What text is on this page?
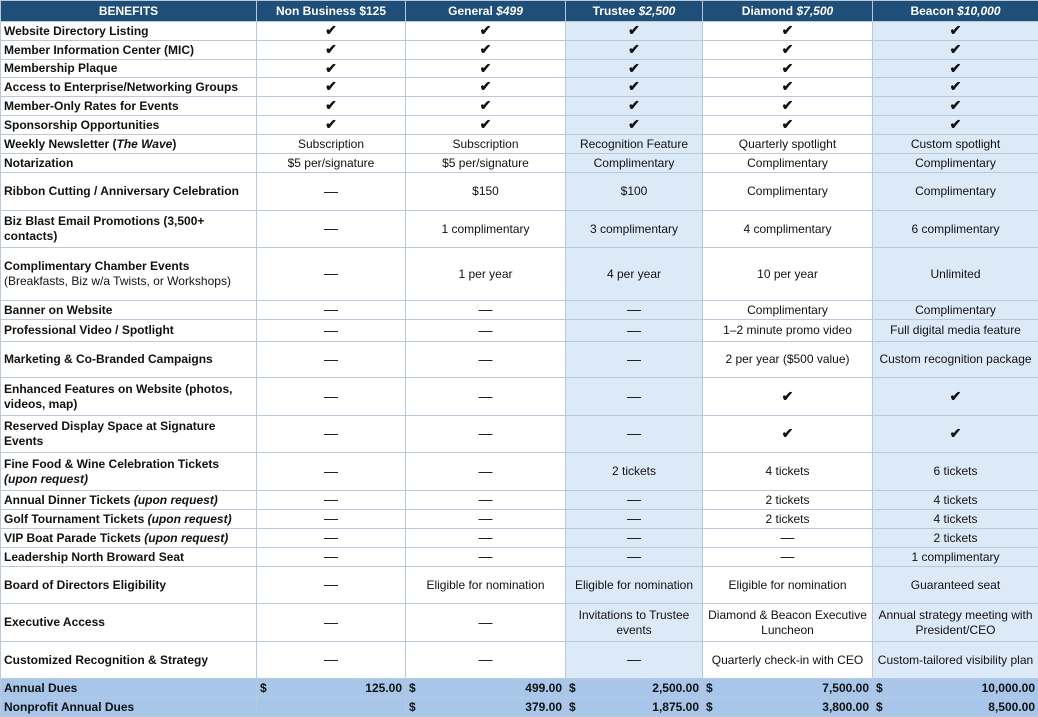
BENEFITS	Non Business $125	General $499	Trustee $2,500	Diamond $7,500	Beacon $10,000
Website Directory Listing	✔	✔	✔	✔	✔
Member Information Center (MIC)	✔	✔	✔	✔	✔
Membership Plaque	✔	✔	✔	✔	✔
Access to Enterprise/Networking Groups	✔	✔	✔	✔	✔
Member-Only Rates for Events	✔	✔	✔	✔	✔
Sponsorship Opportunities	✔	✔	✔	✔	✔
Weekly Newsletter (The Wave)	Subscription	Subscription	Recognition Feature	Quarterly spotlight	Custom spotlight
Notarization	$5 per/signature	$5 per/signature	Complimentary	Complimentary	Complimentary
Ribbon Cutting / Anniversary Celebration	—	$150	$100	Complimentary	Complimentary
Biz Blast Email Promotions (3,500+ contacts)	—	1 complimentary	3 complimentary	4 complimentary	6 complimentary
Complimentary Chamber Events
(Breakfasts, Biz w/a Twists, or Workshops)	—	1 per year	4 per year	10 per year	Unlimited
Banner on Website	—	—	—	Complimentary	Complimentary
Professional Video / Spotlight	—	—	—	1–2 minute promo video	Full digital media feature
Marketing & Co-Branded Campaigns	—	—	—	2 per year ($500 value)	Custom recognition package
Enhanced Features on Website (photos, videos, map)	—	—	—	✔	✔
Reserved Display Space at Signature Events	—	—	—	✔	✔
Fine Food & Wine Celebration Tickets
(upon request)	—	—	2 tickets	4 tickets	6 tickets
Annual Dinner Tickets (upon request)	—	—	—	2 tickets	4 tickets
Golf Tournament Tickets (upon request)	—	—	—	2 tickets	4 tickets
VIP Boat Parade Tickets (upon request)	—	—	—	—	2 tickets
Leadership North Broward Seat	—	—	—	—	1 complimentary
Board of Directors Eligibility	—	Eligible for nomination	Eligible for nomination	Eligible for nomination	Guaranteed seat
Executive Access	—	—	Invitations to Trustee events	Diamond & Beacon Executive Luncheon	Annual strategy meeting with President/CEO
Customized Recognition & Strategy	—	—	—	Quarterly check-in with CEO	Custom-tailored visibility plan
Annual Dues	$ 125.00	$ 499.00	$ 2,500.00	$ 7,500.00	$ 10,000.00

Nonprofit Annual Dues		$ 379.00	$ 1,875.00	$ 3,800.00	$ 8,500.00
